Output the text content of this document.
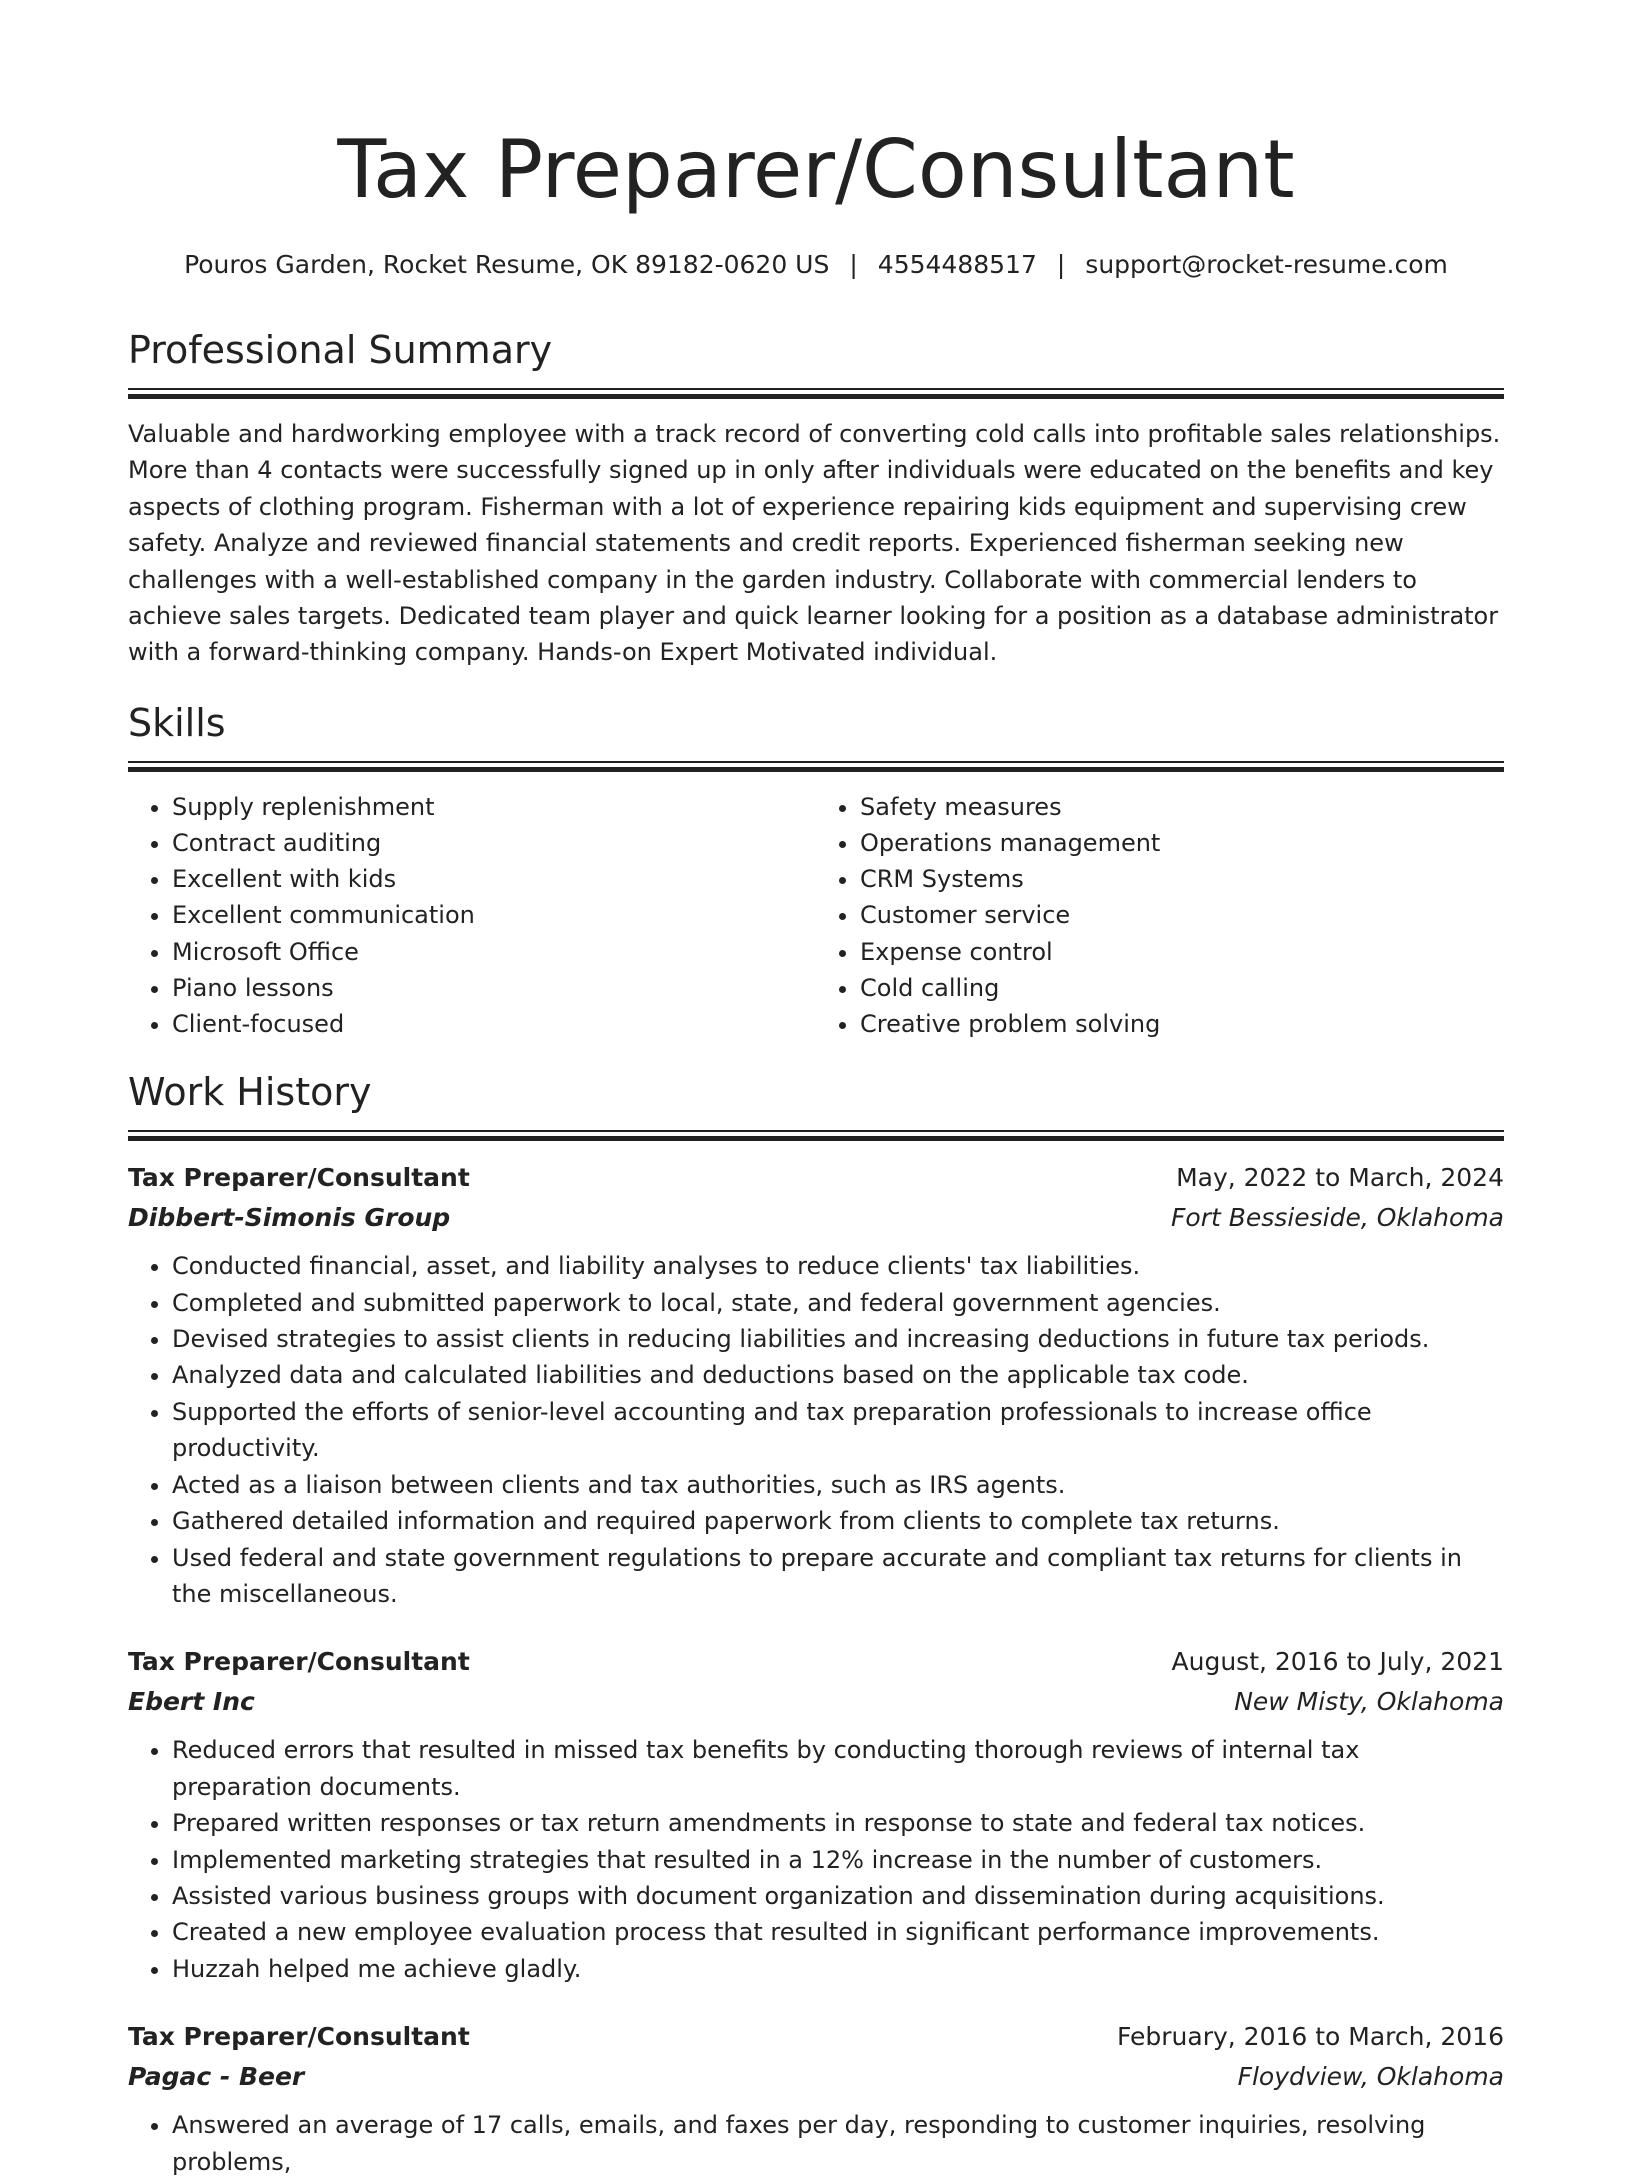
Tax Preparer/Consultant
Pouros Garden, Rocket Resume, OK 89182-0620 US | 4554488517 | support@rocket-resume.com
Professional Summary

Valuable and hardworking employee with a track record of converting cold calls into profitable sales relationships. More than 4 contacts were successfully signed up in only after individuals were educated on the benefits and key aspects of clothing program. Fisherman with a lot of experience repairing kids equipment and supervising crew safety. Analyze and reviewed financial statements and credit reports. Experienced fisherman seeking new challenges with a well-established company in the garden industry. Collaborate with commercial lenders to achieve sales targets. Dedicated team player and quick learner looking for a position as a database administrator with a forward-thinking company. Hands-on Expert Motivated individual.

Skills
• Supply replenishment
• Contract auditing
• Excellent with kids
• Excellent communication
• Microsoft Office
• Piano lessons
• Client-focused
• Safety measures
• Operations management
• CRM Systems
• Customer service
• Expense control
• Cold calling
• Creative problem solving
Work History
Tax Preparer/Consultant	May, 2022 to March, 2024
Dibbert-Simonis Group	Fort Bessieside, Oklahoma
• Conducted financial, asset, and liability analyses to reduce clients' tax liabilities.
• Completed and submitted paperwork to local, state, and federal government agencies.
• Devised strategies to assist clients in reducing liabilities and increasing deductions in future tax periods.
• Analyzed data and calculated liabilities and deductions based on the applicable tax code.
• Supported the efforts of senior-level accounting and tax preparation professionals to increase office productivity.
• Acted as a liaison between clients and tax authorities, such as IRS agents.
• Gathered detailed information and required paperwork from clients to complete tax returns.
• Used federal and state government regulations to prepare accurate and compliant tax returns for clients in the miscellaneous.
Tax Preparer/Consultant	August, 2016 to July, 2021
Ebert Inc	New Misty, Oklahoma
• Reduced errors that resulted in missed tax benefits by conducting thorough reviews of internal tax preparation documents.
• Prepared written responses or tax return amendments in response to state and federal tax notices.
• Implemented marketing strategies that resulted in a 12% increase in the number of customers.
• Assisted various business groups with document organization and dissemination during acquisitions.
• Created a new employee evaluation process that resulted in significant performance improvements.
• Huzzah helped me achieve gladly.
Tax Preparer/Consultant	February, 2016 to March, 2016
Pagac - Beer	Floydview, Oklahoma
• Answered an average of 17 calls, emails, and faxes per day, responding to customer inquiries, resolving problems,
